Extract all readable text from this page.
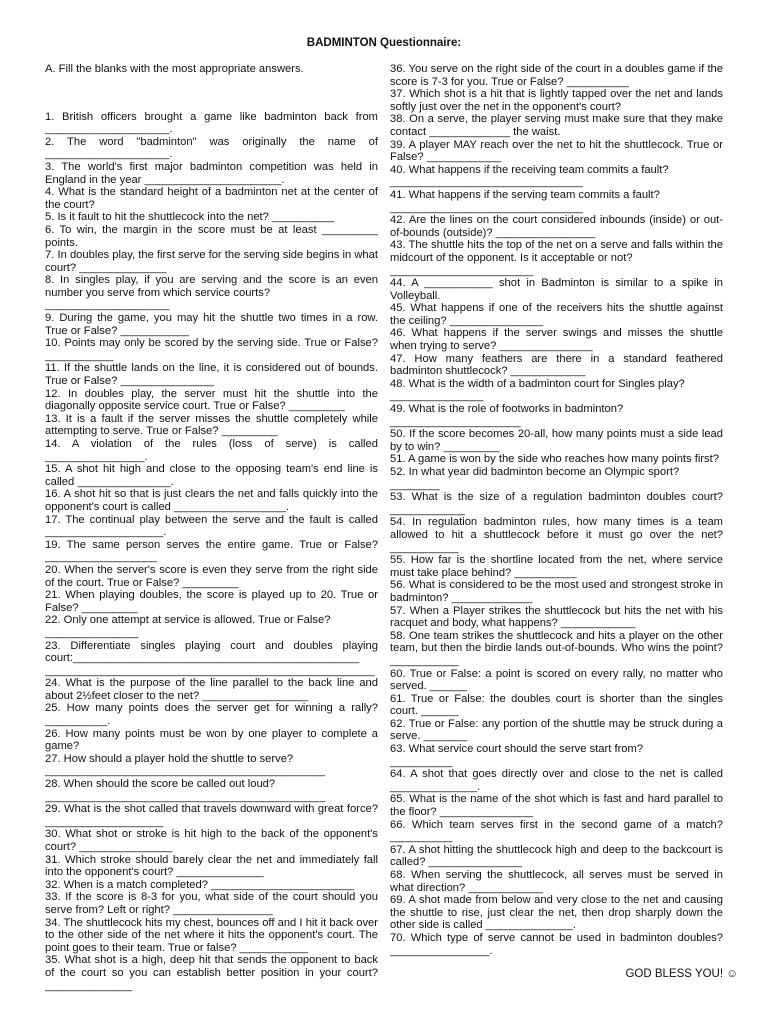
BADMINTON Questionnaire:

A. Fill the blanks with the most appropriate answers.

1. British officers brought a game like badminton back from ____________________.

2. The word "badminton" was originally the name of ____________________.

3. The world's first major badminton competition was held in England in the year ______________________.

4. What is the standard height of a badminton net at the center of the court?

5. Is it fault to hit the shuttlecock into the net? __________

6. To win, the margin in the score must be at least _________ points.

7. In doubles play, the first serve for the serving side begins in what court? ______________

8. In singles play, if you are serving and the score is an even number you serve from which service courts?

____________________

9. During the game, you may hit the shuttle two times in a row. True or False? ___________

10. Points may only be scored by the serving side. True or False? ___________

11. If the shuttle lands on the line, it is considered out of bounds. True or False? _______________

12. In doubles play, the server must hit the shuttle into the diagonally opposite service court. True or False? _________

13. It is a fault if the server misses the shuttle completely while attempting to serve. True or False? _________

14. A violation of the rules (loss of serve) is called ________________.

15. A shot hit high and close to the opposing team's end line is called _______________.

16. A shot hit so that is just clears the net and falls quickly into the opponent's court is called __________________.

17. The continual play between the serve and the fault is called ___________________.

19. The same person serves the entire game. True or False? __________________

20. When the server's score is even they serve from the right side of the court. True or False? _________

21. When playing doubles, the score is played up to 20. True or False? _________

22. Only one attempt at service is allowed. True or False?

_______________

23. Differentiate singles playing court and doubles playing court:______________________________________________

_____________________________________________________

24. What is the purpose of the line parallel to the back line and about 2½feet closer to the net? _________________

25. How many points does the server get for winning a rally? __________.

26. How many points must be won by one player to complete a game?

27. How should a player hold the shuttle to serve?

_____________________________________________

28. When should the score be called out loud?

_____________________________________________

29. What is the shot called that travels downward with great force? ___________________

30. What shot or stroke is hit high to the back of the opponent's court? _______________

31. Which stroke should barely clear the net and immediately fall into the opponent's court? ______________

32. When is a match completed? _______________________

33. If the score is 8-3 for you, what side of the court should you serve from? Left or right? ________________

34. The shuttlecock hits my chest, bounces off and I hit it back over to the other side of the net where it hits the opponent's court. The point goes to their team. True or false? ___________

35. What shot is a high, deep hit that sends the opponent to back of the court so you can establish better position in your court? ______________

36. You serve on the right side of the court in a doubles game if the score is 7-3 for you. True or False? __________

37. Which shot is a hit that is lightly tapped over the net and lands softly just over the net in the opponent's court?

38. On a serve, the player serving must make sure that they make contact _____________ the waist.

39. A player MAY reach over the net to hit the shuttlecock. True or False? ____________

40. What happens if the receiving team commits a fault?

_______________________________

41. What happens if the serving team commits a fault?

_______________________________

42. Are the lines on the court considered inbounds (inside) or out-of-bounds (outside)? ________________

43. The shuttle hits the top of the net on a serve and falls within the midcourt of the opponent. Is it acceptable or not?

_______________________

44. A ___________ shot in Badminton is similar to a spike in Volleyball.

45. What happens if one of the receivers hits the shuttle against the ceiling? _______________

46. What happens if the server swings and misses the shuttle when trying to serve? _______________

47. How many feathers are there in a standard feathered badminton shuttlecock? ____________

48. What is the width of a badminton court for Singles play?

_______________

49. What is the role of footworks in badminton?

_____________________

50. If the score becomes 20-all, how many points must a side lead by to win? _________

51. A game is won by the side who reaches how many points first?

52. In what year did badminton become an Olympic sport?

________

53. What is the size of a regulation badminton doubles court? ____________

54. In regulation badminton rules, how many times is a team allowed to hit a shuttlecock before it must go over the net? ___________

55. How far is the shortline located from the net, where service must take place behind? __________

56. What is considered to be the most used and strongest stroke in badminton? _____________

57. When a Player strikes the shuttlecock but hits the net with his racquet and body, what happens? ____________

58. One team strikes the shuttlecock and hits a player on the other team, but then the birdie lands out-of-bounds. Who wins the point? ___________

60. True or False: a point is scored on every rally, no matter who served. ______

61. True or False: the doubles court is shorter than the singles court. ______

62. True or False: any portion of the shuttle may be struck during a serve. _______

63. What service court should the serve start from?

__________

64. A shot that goes directly over and close to the net is called ______________.

65. What is the name of the shot which is fast and hard parallel to the floor? _______________

66. Which team serves first in the second game of a match? __________

67. A shot hitting the shuttlecock high and deep to the backcourt is called? _______________

68. When serving the shuttlecock, all serves must be served in what direction? ____________

69. A shot made from below and very close to the net and causing the shuttle to rise, just clear the net, then drop sharply down the other side is called ______________.

70. Which type of serve cannot be used in badminton doubles? ________________.

GOD BLESS YOU! ☺
